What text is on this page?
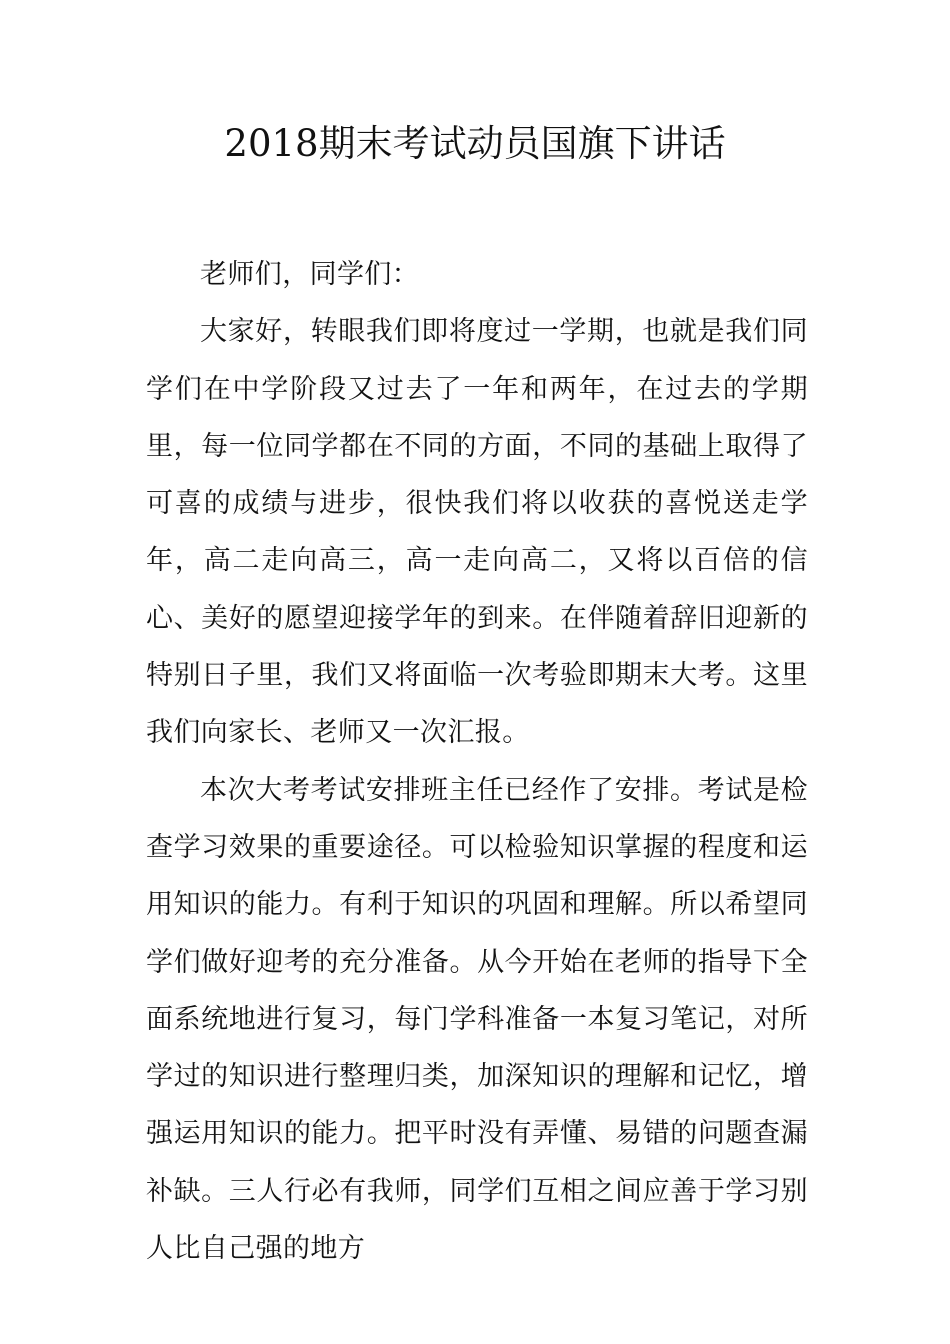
2018期末考试动员国旗下讲话

老师们，同学们：

大家好，转眼我们即将度过一学期，也就是我们同学们在中学阶段又过去了一年和两年，在过去的学期里，每一位同学都在不同的方面，不同的基础上取得了可喜的成绩与进步，很快我们将以收获的喜悦送走学年，高二走向高三，高一走向高二，又将以百倍的信心、美好的愿望迎接学年的到来。在伴随着辞旧迎新的特别日子里，我们又将面临一次考验即期末大考。这里我们向家长、老师又一次汇报。

本次大考考试安排班主任已经作了安排。考试是检查学习效果的重要途径。可以检验知识掌握的程度和运用知识的能力。有利于知识的巩固和理解。所以希望同学们做好迎考的充分准备。从今开始在老师的指导下全面系统地进行复习，每门学科准备一本复习笔记，对所学过的知识进行整理归类，加深知识的理解和记忆，增强运用知识的能力。把平时没有弄懂、易错的问题查漏补缺。三人行必有我师，同学们互相之间应善于学习别人比自己强的地方
